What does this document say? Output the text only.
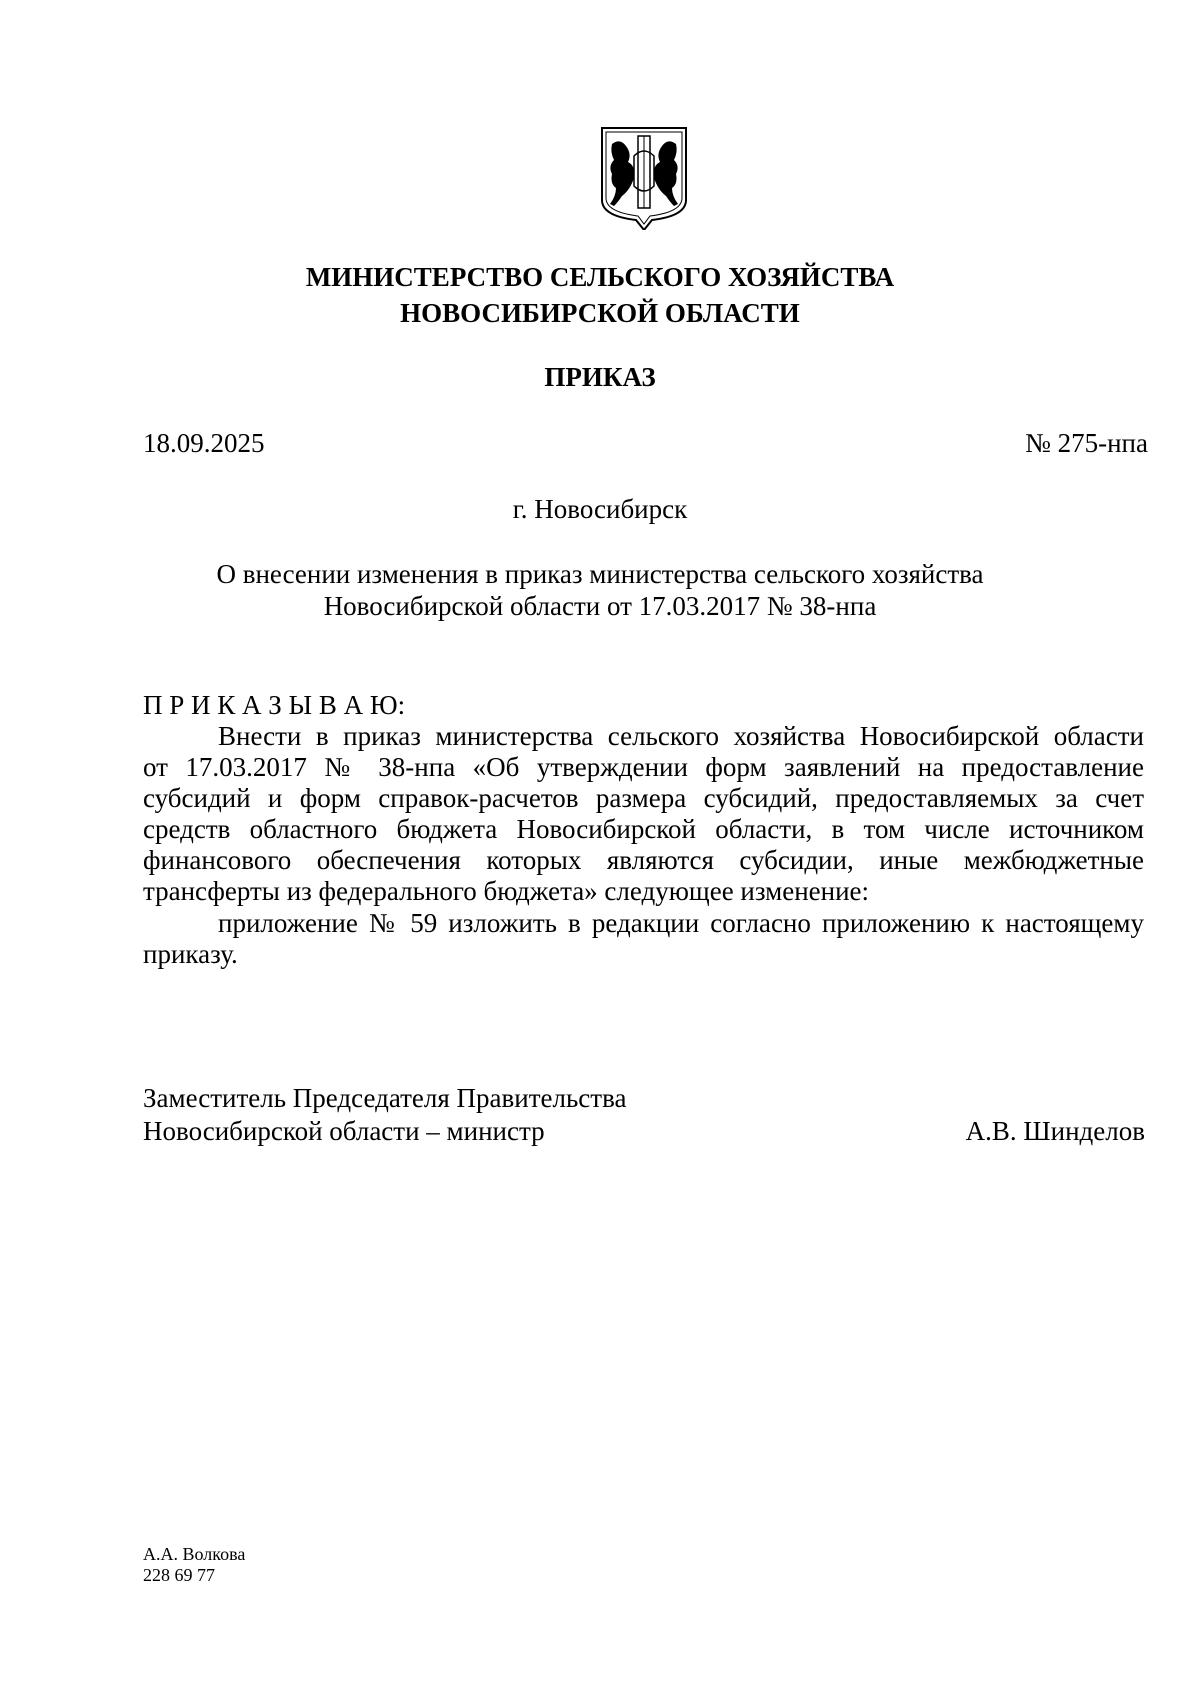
МИНИСТЕРСТВО СЕЛЬСКОГО ХОЗЯЙСТВА
НОВОСИБИРСКОЙ ОБЛАСТИ
ПРИКАЗ
18.09.2025	№ 275-нпа
г. Новосибирск
О внесении изменения в приказ министерства сельского хозяйства
Новосибирской области от 17.03.2017 № 38-нпа
П Р И К А З Ы В А Ю:
Внести в приказ министерства сельского хозяйства Новосибирской области
от 17.03.2017 № 38-нпа «Об утверждении форм заявлений на предоставление
субсидий и форм справок-расчетов размера субсидий, предоставляемых за счет
средств областного бюджета Новосибирской области, в том числе источником
финансового обеспечения которых являются субсидии, иные межбюджетные
трансферты из федерального бюджета» следующее изменение:
приложение № 59 изложить в редакции согласно приложению к настоящему
приказу.
Заместитель Председателя Правительства
Новосибирской области – министр	А.В. Шинделов
А.А. Волкова
228 69 77
